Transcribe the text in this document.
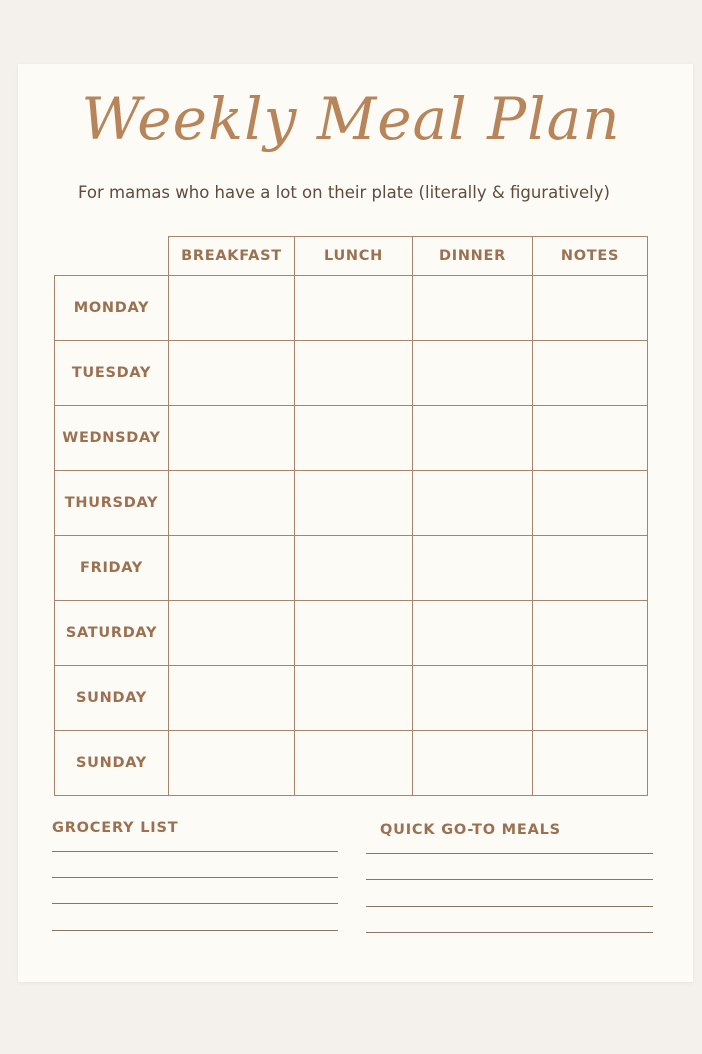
Weekly Meal Plan
For mamas who have a lot on their plate (literally & figuratively)
	BREAKFAST	LUNCH	DINNER	NOTES
MONDAY				
TUESDAY				
WEDNSDAY				
THURSDAY				
FRIDAY				
SATURDAY				
SUNDAY				
SUNDAY				
GROCERY LIST	QUICK GO-TO MEALS
